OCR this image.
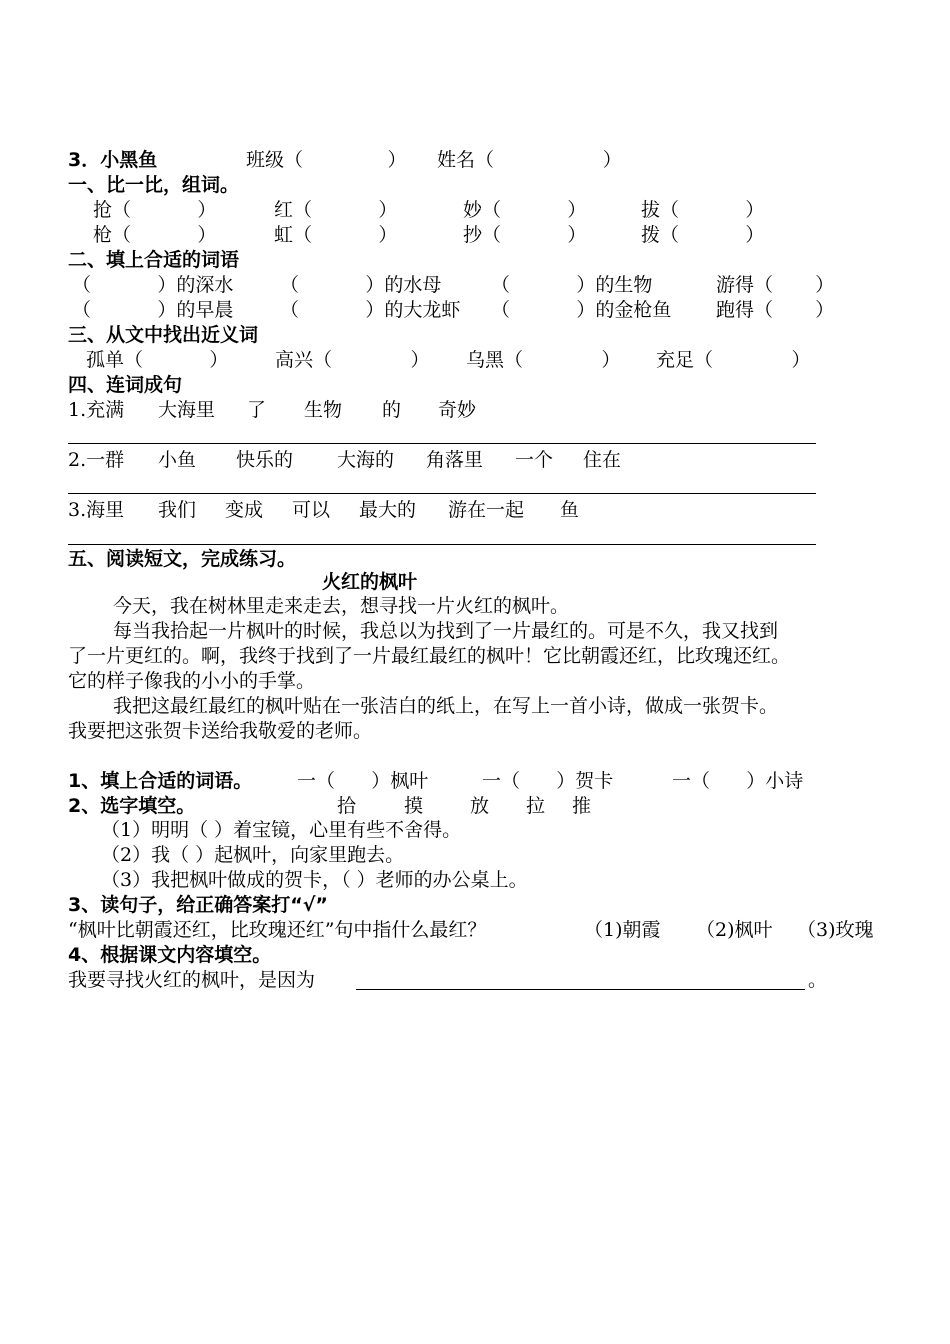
3．小黑鱼	班级（              ） 姓名（                  ）
一、比一比，组词。
抢（           ）	红（           ）	妙（           ）	拔（           ）
枪（           ）	虹（           ）	抄（           ）	拨（           ）
二、填上合适的词语
（           ）的深水 （           ）的水母	（           ）的生物	游得（       ）
（           ）的早晨 （           ）的大龙虾 （           ）的金枪鱼 跑得（       ）
三、从文中找出近义词
孤单（           ） 高兴（             ） 乌黑（             ） 充足（             ）
四、连词成句
1.充满 大海里 了 生物 的 奇妙
2.一群 小鱼 快乐的 大海的 角落里 一个 住在
3.海里 我们 变成 可以 最大的 游在一起 鱼
五、阅读短文，完成练习。
火红的枫叶
今天，我在树林里走来走去，想寻找一片火红的枫叶。
每当我拾起一片枫叶的时候，我总以为找到了一片最红的。可是不久，我又找到
了一片更红的。啊，我终于找到了一片最红最红的枫叶！它比朝霞还红，比玫瑰还红。
它的样子像我的小小的手掌。
我把这最红最红的枫叶贴在一张洁白的纸上，在写上一首小诗，做成一张贺卡。
我要把这张贺卡送给我敬爱的老师。
1、填上合适的词语。 一（      ）枫叶	一（      ）贺卡	一（      ）小诗
2、选字填空。	拾	摸 放 拉 推
（1）明明（ ）着宝镜，心里有些不舍得。
（2）我（ ）起枫叶，向家里跑去。
（3）我把枫叶做成的贺卡，（ ）老师的办公桌上。
3、读句子，给正确答案打“√”
“枫叶比朝霞还红，比玫瑰还红”句中指什么最红？	（1)朝霞 （2)枫叶 （3)玫瑰
4、根据课文内容填空。
我要寻找火红的枫叶，是因为	。
